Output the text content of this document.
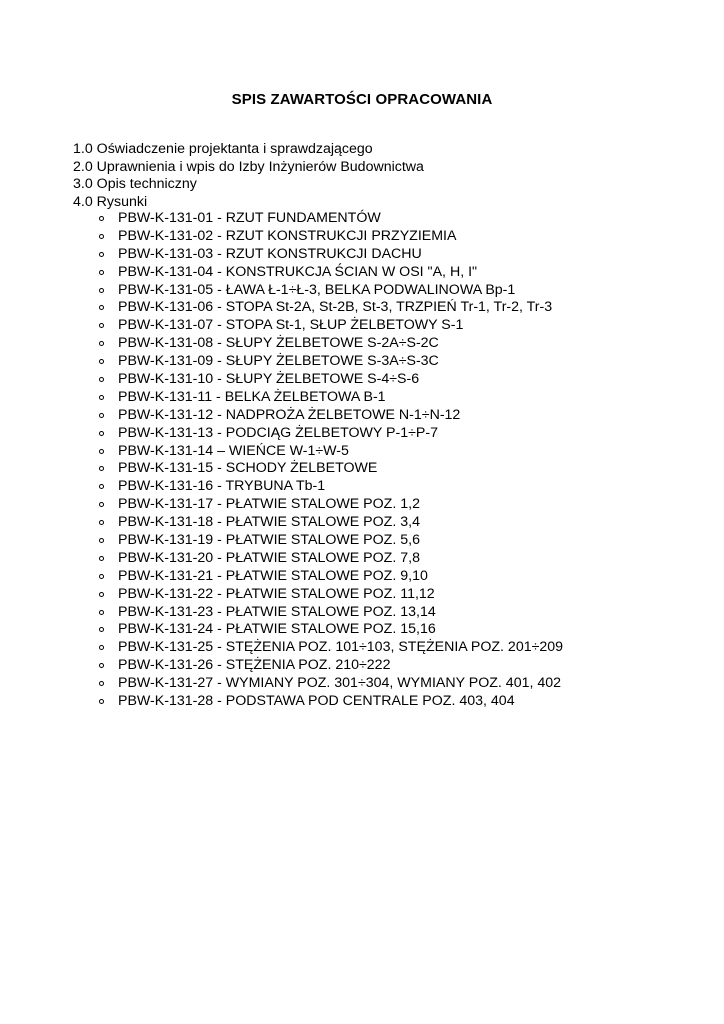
SPIS ZAWARTOŚCI OPRACOWANIA
1.0 Oświadczenie projektanta i sprawdzającego
2.0 Uprawnienia i wpis do Izby Inżynierów Budownictwa
3.0 Opis techniczny
4.0 Rysunki
PBW-K-131-01 - RZUT FUNDAMENTÓW
PBW-K-131-02 - RZUT KONSTRUKCJI PRZYZIEMIA
PBW-K-131-03 - RZUT KONSTRUKCJI DACHU
PBW-K-131-04 - KONSTRUKCJA ŚCIAN W OSI "A, H, I"
PBW-K-131-05 - ŁAWA Ł-1÷Ł-3, BELKA PODWALINOWA Bp-1
PBW-K-131-06 - STOPA St-2A, St-2B, St-3, TRZPIEŃ Tr-1, Tr-2, Tr-3
PBW-K-131-07 - STOPA St-1, SŁUP ŻELBETOWY S-1
PBW-K-131-08 - SŁUPY ŻELBETOWE S-2A÷S-2C
PBW-K-131-09 - SŁUPY ŻELBETOWE S-3A÷S-3C
PBW-K-131-10 - SŁUPY ŻELBETOWE S-4÷S-6
PBW-K-131-11 - BELKA ŻELBETOWA B-1
PBW-K-131-12 - NADPROŻA ŻELBETOWE N-1÷N-12
PBW-K-131-13 - PODCIĄG ŻELBETOWY P-1÷P-7
PBW-K-131-14 – WIEŃCE W-1÷W-5
PBW-K-131-15 - SCHODY ŻELBETOWE
PBW-K-131-16 - TRYBUNA Tb-1
PBW-K-131-17 - PŁATWIE STALOWE POZ. 1,2
PBW-K-131-18 - PŁATWIE STALOWE POZ. 3,4
PBW-K-131-19 - PŁATWIE STALOWE POZ. 5,6
PBW-K-131-20 - PŁATWIE STALOWE POZ. 7,8
PBW-K-131-21 - PŁATWIE STALOWE POZ. 9,10
PBW-K-131-22 - PŁATWIE STALOWE POZ. 11,12
PBW-K-131-23 - PŁATWIE STALOWE POZ. 13,14
PBW-K-131-24 - PŁATWIE STALOWE POZ. 15,16
PBW-K-131-25 - STĘŻENIA POZ. 101÷103, STĘŻENIA POZ. 201÷209
PBW-K-131-26 - STĘŻENIA POZ. 210÷222
PBW-K-131-27 - WYMIANY POZ. 301÷304, WYMIANY POZ. 401, 402
PBW-K-131-28 - PODSTAWA POD CENTRALE POZ. 403, 404
